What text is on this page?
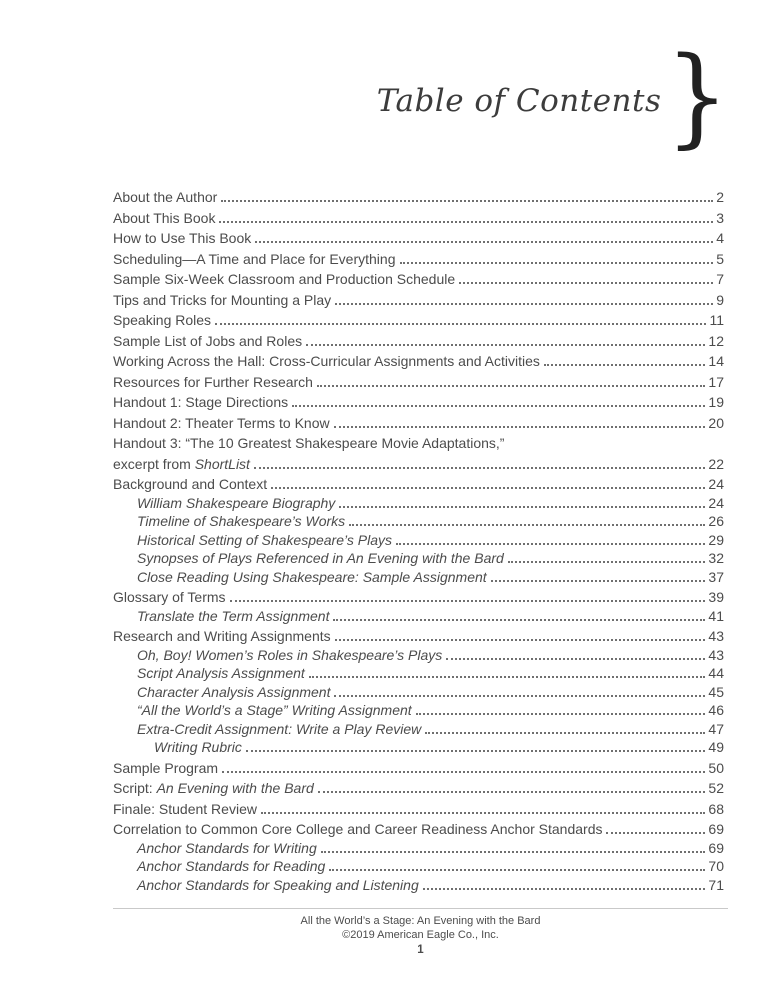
Table of Contents }
About the Author	2
About This Book	3
How to Use This Book	4
Scheduling—A Time and Place for Everything	5
Sample Six-Week Classroom and Production Schedule	7
Tips and Tricks for Mounting a Play	9
Speaking Roles	11
Sample List of Jobs and Roles	12
Working Across the Hall: Cross-Curricular Assignments and Activities	14
Resources for Further Research	17
Handout 1: Stage Directions	19
Handout 2: Theater Terms to Know	20
Handout 3: “The 10 Greatest Shakespeare Movie Adaptations,”
excerpt from ShortList	22
Background and Context	24
William Shakespeare Biography	24
Timeline of Shakespeare’s Works	26
Historical Setting of Shakespeare’s Plays	29
Synopses of Plays Referenced in An Evening with the Bard	32
Close Reading Using Shakespeare: Sample Assignment	37
Glossary of Terms	39
Translate the Term Assignment	41
Research and Writing Assignments	43
Oh, Boy! Women’s Roles in Shakespeare’s Plays	43
Script Analysis Assignment	44
Character Analysis Assignment	45
“All the World’s a Stage” Writing Assignment	46
Extra-Credit Assignment: Write a Play Review	47
Writing Rubric	49
Sample Program	50
Script: An Evening with the Bard	52
Finale: Student Review	68
Correlation to Common Core College and Career Readiness Anchor Standards	69
Anchor Standards for Writing	69
Anchor Standards for Reading	70
Anchor Standards for Speaking and Listening	71
All the World’s a Stage: An Evening with the Bard
©2019 American Eagle Co., Inc.
1
